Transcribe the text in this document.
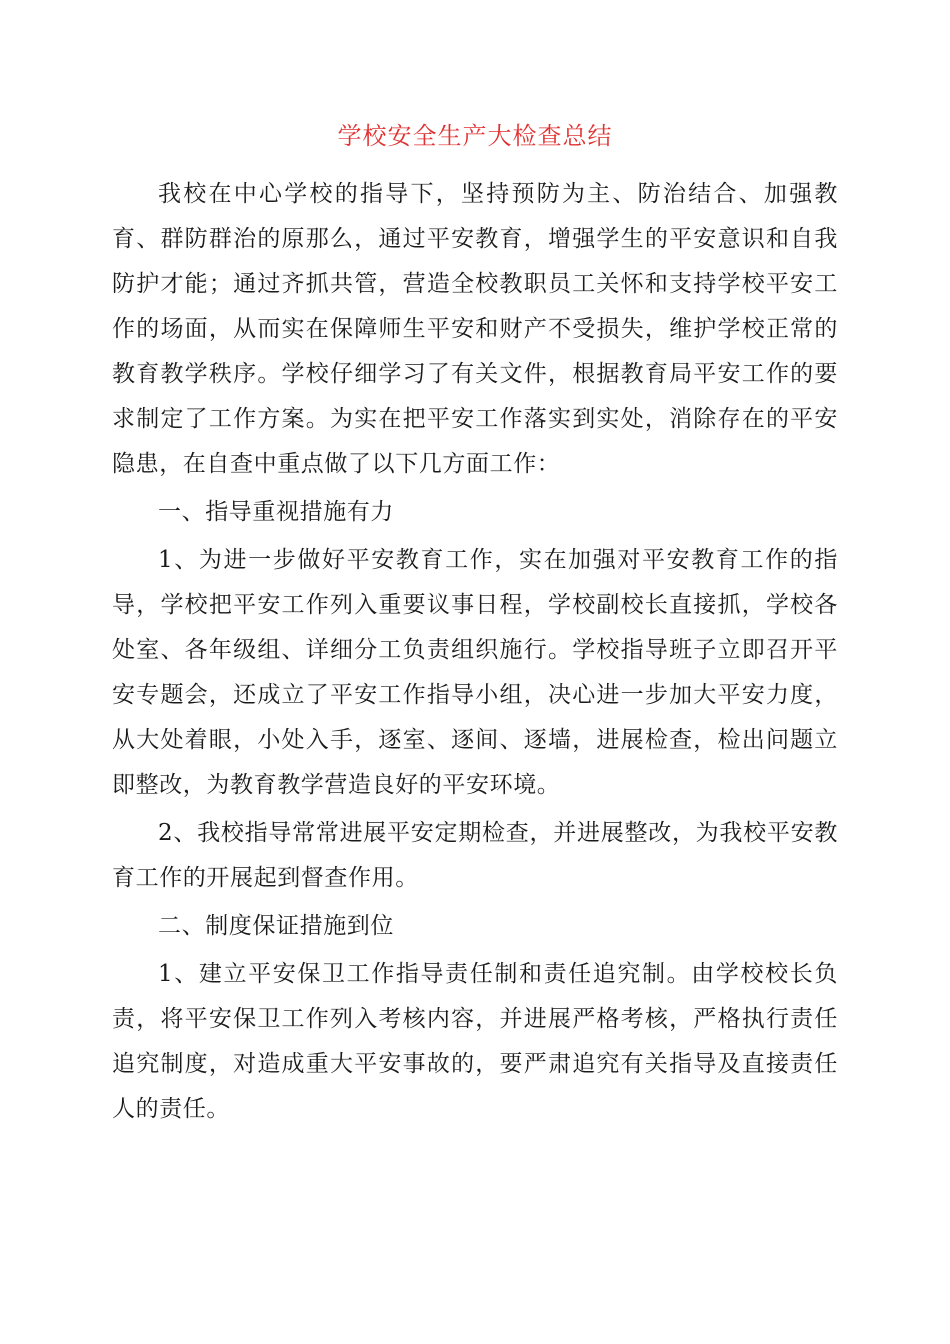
学校安全生产大检查总结

我校在中心学校的指导下，坚持预防为主、防治结合、加强教 育、群防群治的原那么，通过平安教育，增强学生的平安意识和自我 防护才能；通过齐抓共管，营造全校教职员工关怀和支持学校平安工 作的场面，从而实在保障师生平安和财产不受损失，维护学校正常的 教育教学秩序。学校仔细学习了有关文件，根据教育局平安工作的要 求制定了工作方案。为实在把平安工作落实到实处，消除存在的平安 隐患，在自查中重点做了以下几方面工作：

一、指导重视措施有力

1、为进一步做好平安教育工作，实在加强对平安教育工作的指 导，学校把平安工作列入重要议事日程，学校副校长直接抓，学校各 处室、各年级组、详细分工负责组织施行。学校指导班子立即召开平 安专题会，还成立了平安工作指导小组，决心进一步加大平安力度， 从大处着眼，小处入手，逐室、逐间、逐墙，进展检查，检出问题立 即整改，为教育教学营造良好的平安环境。

2、我校指导常常进展平安定期检查，并进展整改，为我校平安教 育工作的开展起到督查作用。

二、制度保证措施到位

1、建立平安保卫工作指导责任制和责任追究制。由学校校长负 责，将平安保卫工作列入考核内容，并进展严格考核，严格执行责任 追究制度，对造成重大平安事故的，要严肃追究有关指导及直接责任 人的责任。
